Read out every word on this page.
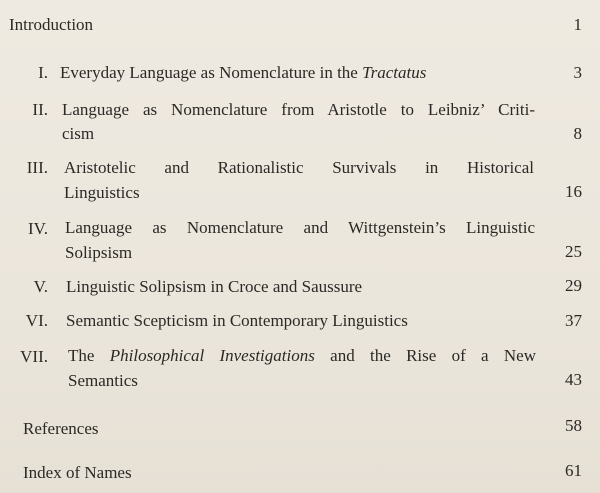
Introduction	1
I. Everyday Language as Nomenclature in the Tractatus	3
II. Language as Nomenclature from Aristotle to Leibniz’ Criti-
cism	8
III. Aristotelic and Rationalistic Survivals in Historical
Linguistics	16
IV. Language as Nomenclature and Wittgenstein’s Linguistic
Solipsism	25
V. Linguistic Solipsism in Croce and Saussure	29
VI. Semantic Scepticism in Contemporary Linguistics	37
VII. The Philosophical Investigations and the Rise of a New
Semantics	43
References	58
Index of Names	61
